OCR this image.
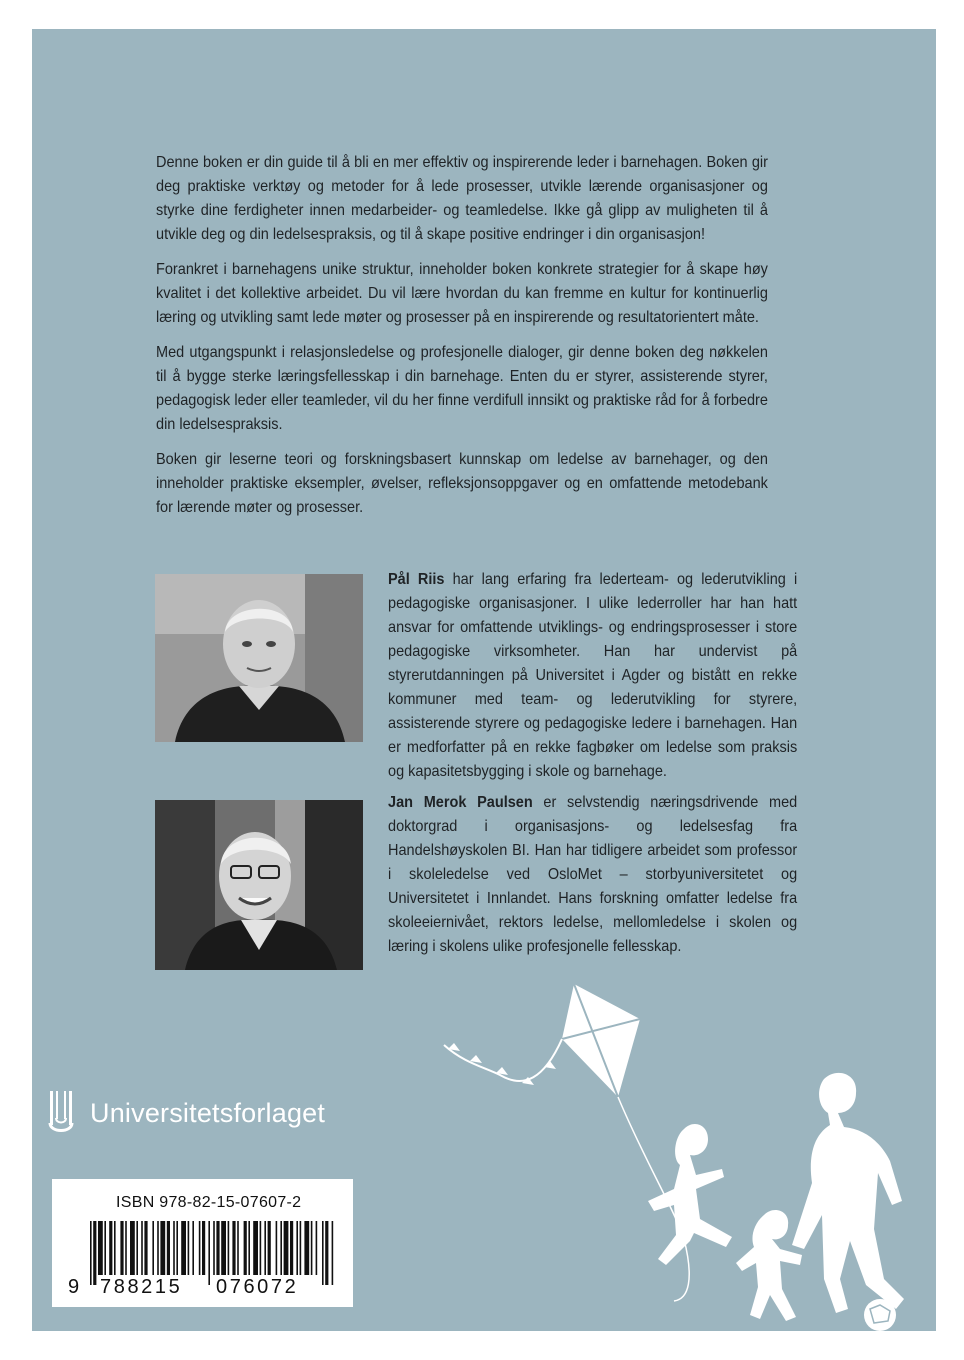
Denne boken er din guide til å bli en mer effektiv og inspirerende leder i barnehagen. Boken gir deg praktiske verktøy og metoder for å lede prosesser, utvikle lærende organisasjoner og styrke dine ferdigheter innen medarbeider- og teamledelse. Ikke gå glipp av muligheten til å utvikle deg og din ledelsespraksis, og til å skape positive endringer i din organisasjon!

Forankret i barnehagens unike struktur, inneholder boken konkrete strategier for å skape høy kvalitet i det kollektive arbeidet. Du vil lære hvordan du kan fremme en kultur for kontinuerlig læring og utvikling samt lede møter og prosesser på en inspirerende og resultatorientert måte.

Med utgangspunkt i relasjonsledelse og profesjonelle dialoger, gir denne boken deg nøkkelen til å bygge sterke læringsfellesskap i din barnehage. Enten du er styrer, assisterende styrer, pedagogisk leder eller teamleder, vil du her finne verdifull innsikt og praktiske råd for å forbedre din ledelsespraksis.

Boken gir leserne teori og forskningsbasert kunnskap om ledelse av barnehager, og den inneholder praktiske eksempler, øvelser, refleksjonsoppgaver og en omfattende metodebank for lærende møter og prosesser.

Pål Riis har lang erfaring fra lederteam- og lederutvikling i pedagogiske organisasjoner. I ulike lederroller har han hatt ansvar for omfattende utviklings- og endringsprosesser i store pedagogiske virksomheter. Han har undervist på styrerutdanningen på Universitet i Agder og bistått en rekke kommuner med team- og lederutvikling for styrere, assisterende styrere og pedagogiske ledere i barnehagen. Han er medforfatter på en rekke fagbøker om ledelse som praksis og kapasitetsbygging i skole og barnehage.
Jan Merok Paulsen er selvstendig næringsdrivende med doktorgrad i organisasjons- og ledelsesfag fra Handelshøyskolen BI. Han har tidligere arbeidet som professor i skoleledelse ved OsloMet – storbyuniversitetet og Universitetet i Innlandet. Hans forskning omfatter ledelse fra skoleeiernivået, rektors ledelse, mellomledelse i skolen og læring i skolens ulike profesjonelle fellesskap.
Universitetsforlaget
ISBN 978-82-15-07607-2
9 788215 076072
